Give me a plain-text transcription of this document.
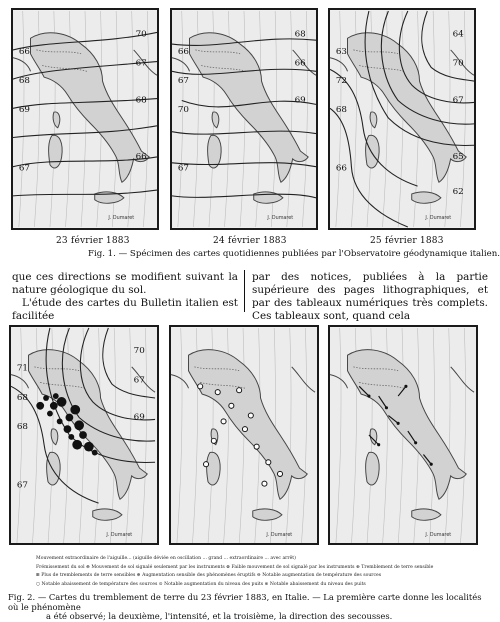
66
70
68
67
69
68
67
66
J. Dumaret
66
68
67
66
70
69
67
J. Dumaret
63
64
72
70
68
67
66
65
62
J. Dumaret
23 février 1883	24 février 1883	25 février 1883
Fig. 1. — Spécimen des cartes quotidiennes publiées par l'Observatoire géodynamique italien.

que ces directions se modifient suivant la nature géologique du sol.

L'étude des cartes du Bulletin italien est facilitée

par des notices, publiées à la partie supérieure des pages lithographiques, et par des tableaux numériques très complets. Ces tableaux sont, quand cela

71
70
68
67
68
69
67
J. Dumaret	J. Dumaret	J. Dumaret
Mouvement extraordinaire de l'aiguille... (aiguille déviée en oscillation ... grand ... extraordinaire ... avec arrêt)
Frémissement du sol ⊕ Mouvement de sol signalé seulement par les instruments ⊗ Faible mouvement de sol signalé par les instruments ⊛ Tremblement de terre sensible
⊞ Plus de tremblements de terre sensibles ⊕ Augmentation sensible des phénomènes éruptifs ⊖ Notable augmentation de température des sources
○ Notable abaissement de température des sources ⊙ Notable augmentation du niveau des puits ⊚ Notable abaissement du niveau des puits
Fig. 2. — Cartes du tremblement de terre du 23 février 1883, en Italie. — La première carte donne les localités où le phénomène
a été observé; la deuxième, l'intensité, et la troisième, la direction des secousses.
